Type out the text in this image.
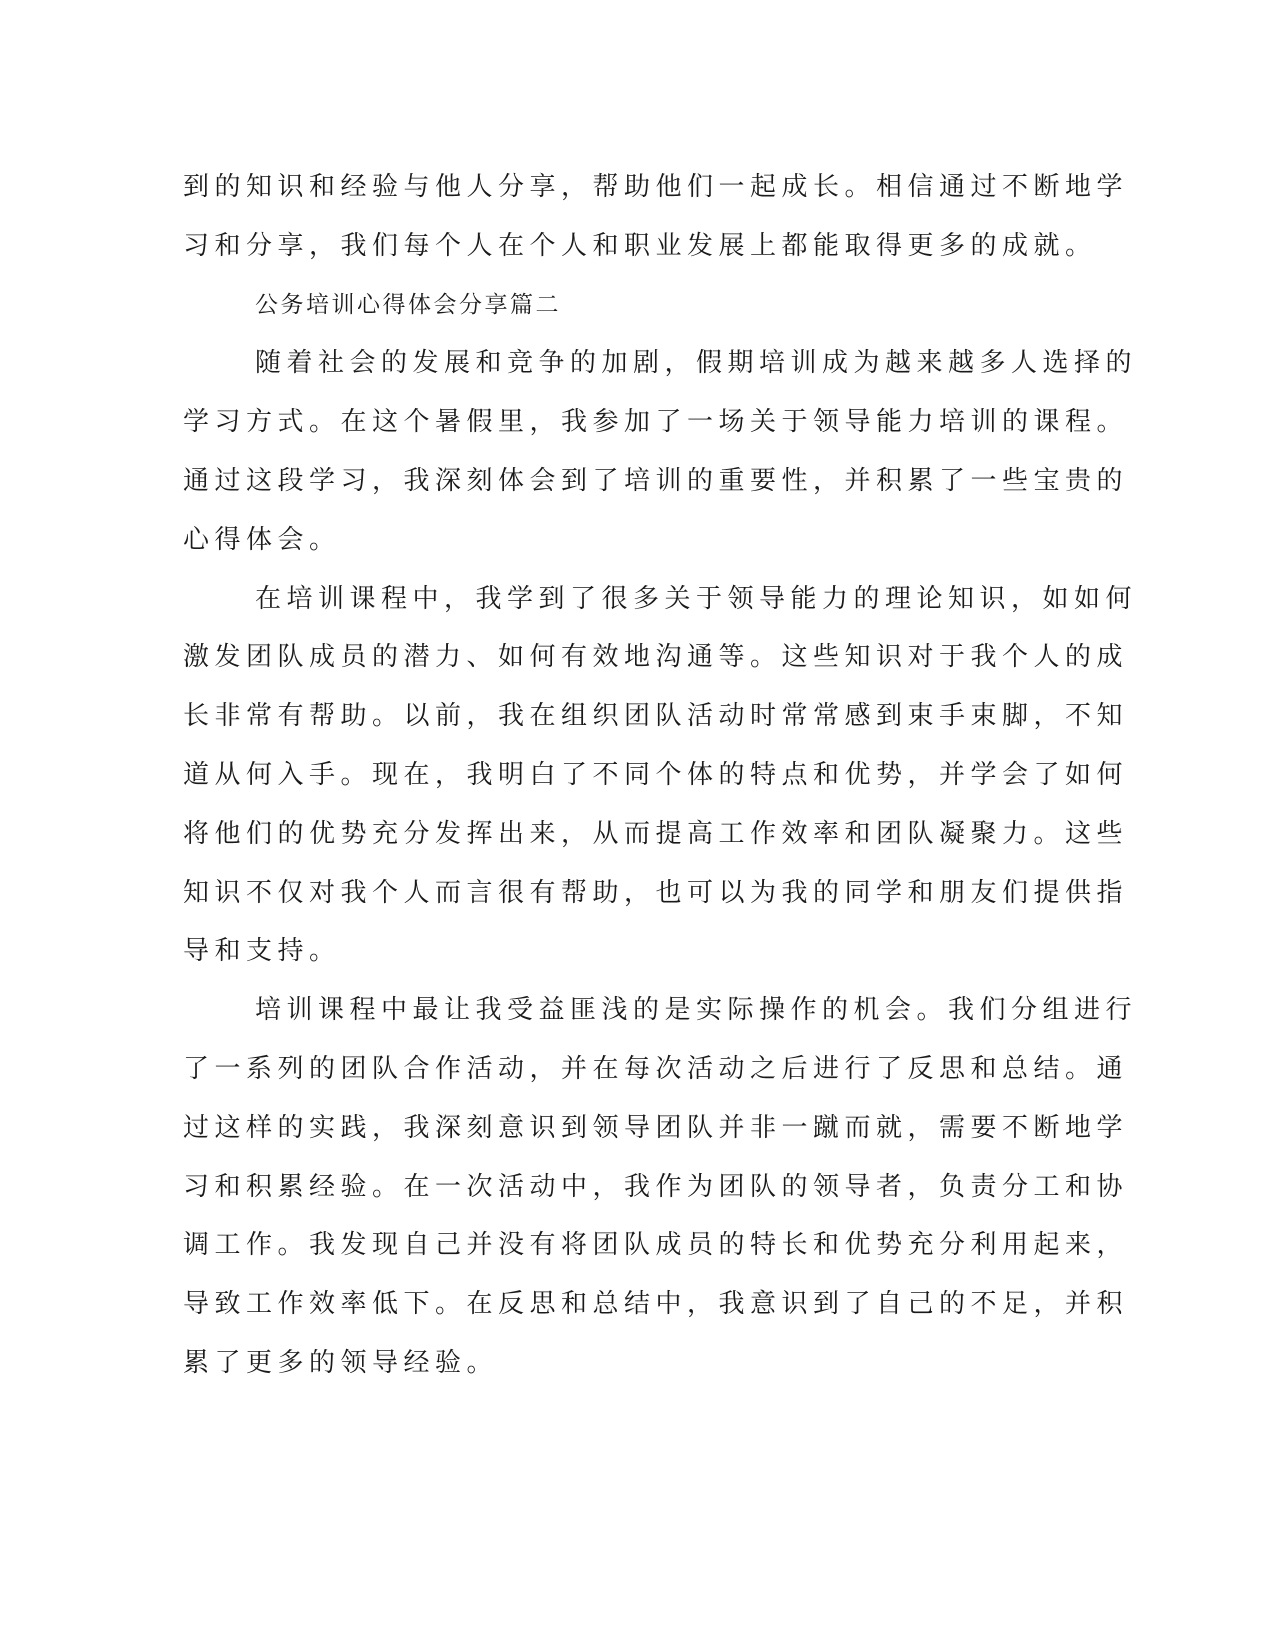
到的知识和经验与他人分享，帮助他们一起成长。相信通过不断地学
习和分享，我们每个人在个人和职业发展上都能取得更多的成就。
公务培训心得体会分享篇二
随着社会的发展和竞争的加剧，假期培训成为越来越多人选择的
学习方式。在这个暑假里，我参加了一场关于领导能力培训的课程。
通过这段学习，我深刻体会到了培训的重要性，并积累了一些宝贵的
心得体会。
在培训课程中，我学到了很多关于领导能力的理论知识，如如何
激发团队成员的潜力、如何有效地沟通等。这些知识对于我个人的成
长非常有帮助。以前，我在组织团队活动时常常感到束手束脚，不知
道从何入手。现在，我明白了不同个体的特点和优势，并学会了如何
将他们的优势充分发挥出来，从而提高工作效率和团队凝聚力。这些
知识不仅对我个人而言很有帮助，也可以为我的同学和朋友们提供指
导和支持。
培训课程中最让我受益匪浅的是实际操作的机会。我们分组进行
了一系列的团队合作活动，并在每次活动之后进行了反思和总结。通
过这样的实践，我深刻意识到领导团队并非一蹴而就，需要不断地学
习和积累经验。在一次活动中，我作为团队的领导者，负责分工和协
调工作。我发现自己并没有将团队成员的特长和优势充分利用起来，
导致工作效率低下。在反思和总结中，我意识到了自己的不足，并积
累了更多的领导经验。
